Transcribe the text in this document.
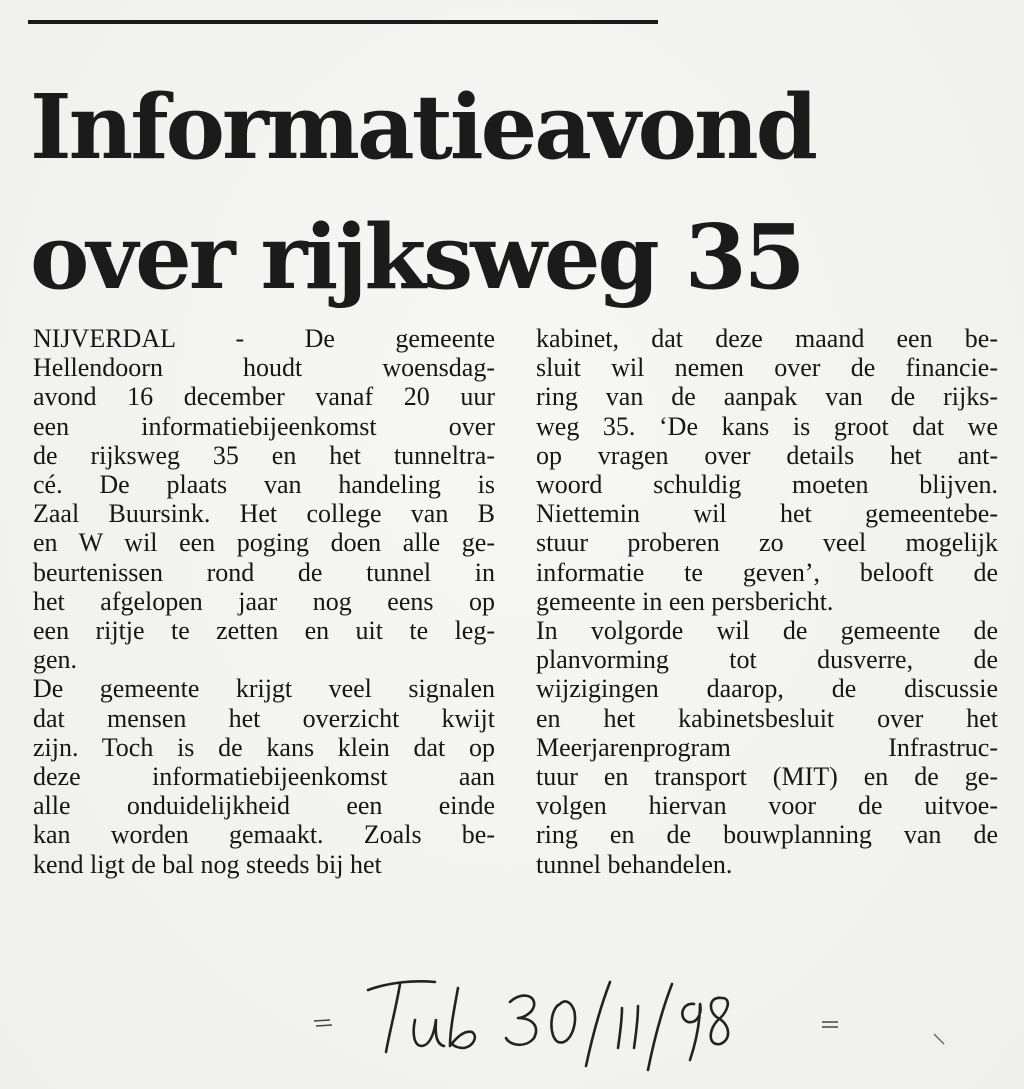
Informatieavond
over rijksweg 35
NIJVERDAL - De gemeente
Hellendoorn houdt woensdag-
avond 16 december vanaf 20 uur
een informatiebijeenkomst over
de rijksweg 35 en het tunneltra-
cé. De plaats van handeling is
Zaal Buursink. Het college van B
en W wil een poging doen alle ge-
beurtenissen rond de tunnel in
het afgelopen jaar nog eens op
een rijtje te zetten en uit te leg-
gen.
De gemeente krijgt veel signalen
dat mensen het overzicht kwijt
zijn. Toch is de kans klein dat op
deze informatiebijeenkomst aan
alle onduidelijkheid een einde
kan worden gemaakt. Zoals be-
kend ligt de bal nog steeds bij het
kabinet, dat deze maand een be-
sluit wil nemen over de financie-
ring van de aanpak van de rijks-
weg 35. ‘De kans is groot dat we
op vragen over details het ant-
woord schuldig moeten blijven.
Niettemin wil het gemeentebe-
stuur proberen zo veel mogelijk
informatie te geven’, belooft de
gemeente in een persbericht.
In volgorde wil de gemeente de
planvorming tot dusverre, de
wijzigingen daarop, de discussie
en het kabinetsbesluit over het
Meerjarenprogram Infrastruc-
tuur en transport (MIT) en de ge-
volgen hiervan voor de uitvoe-
ring en de bouwplanning van de
tunnel behandelen.
